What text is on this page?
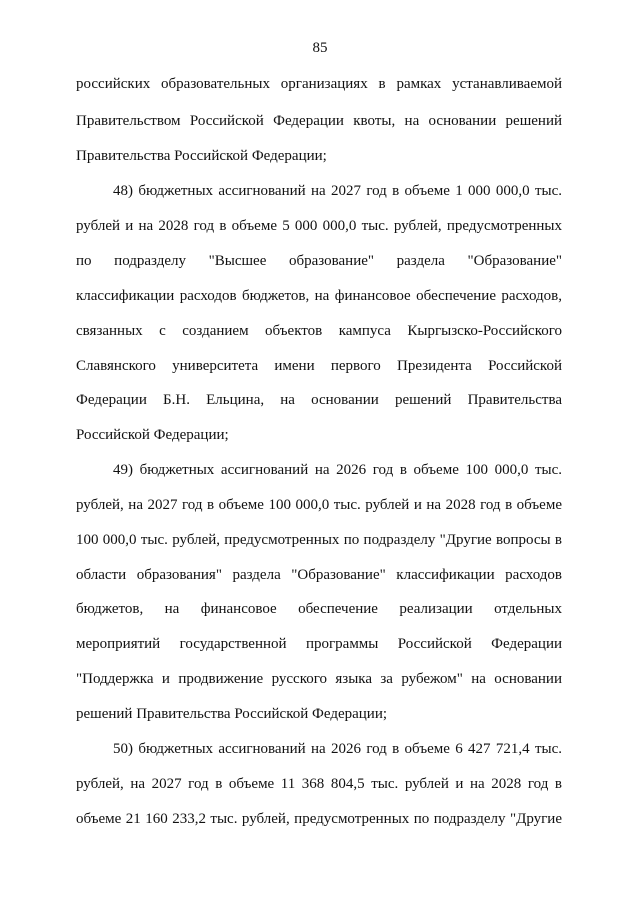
85
российских образовательных организациях в рамках устанавливаемой
Правительством Российской Федерации квоты, на основании решений
Правительства Российской Федерации;
48) бюджетных ассигнований на 2027 год в объеме 1 000 000,0 тыс.
рублей и на 2028 год в объеме 5 000 000,0 тыс. рублей, предусмотренных
по подразделу "Высшее образование" раздела "Образование"
классификации расходов бюджетов, на финансовое обеспечение расходов,
связанных с созданием объектов кампуса Кыргызско-Российского
Славянского университета имени первого Президента Российской
Федерации Б.Н. Ельцина, на основании решений Правительства
Российской Федерации;
49) бюджетных ассигнований на 2026 год в объеме 100 000,0 тыс.
рублей, на 2027 год в объеме 100 000,0 тыс. рублей и на 2028 год в объеме
100 000,0 тыс. рублей, предусмотренных по подразделу "Другие вопросы в
области образования" раздела "Образование" классификации расходов
бюджетов, на финансовое обеспечение реализации отдельных
мероприятий государственной программы Российской Федерации
"Поддержка и продвижение русского языка за рубежом" на основании
решений Правительства Российской Федерации;
50) бюджетных ассигнований на 2026 год в объеме 6 427 721,4 тыс.
рублей, на 2027 год в объеме 11 368 804,5 тыс. рублей и на 2028 год в
объеме 21 160 233,2 тыс. рублей, предусмотренных по подразделу "Другие
